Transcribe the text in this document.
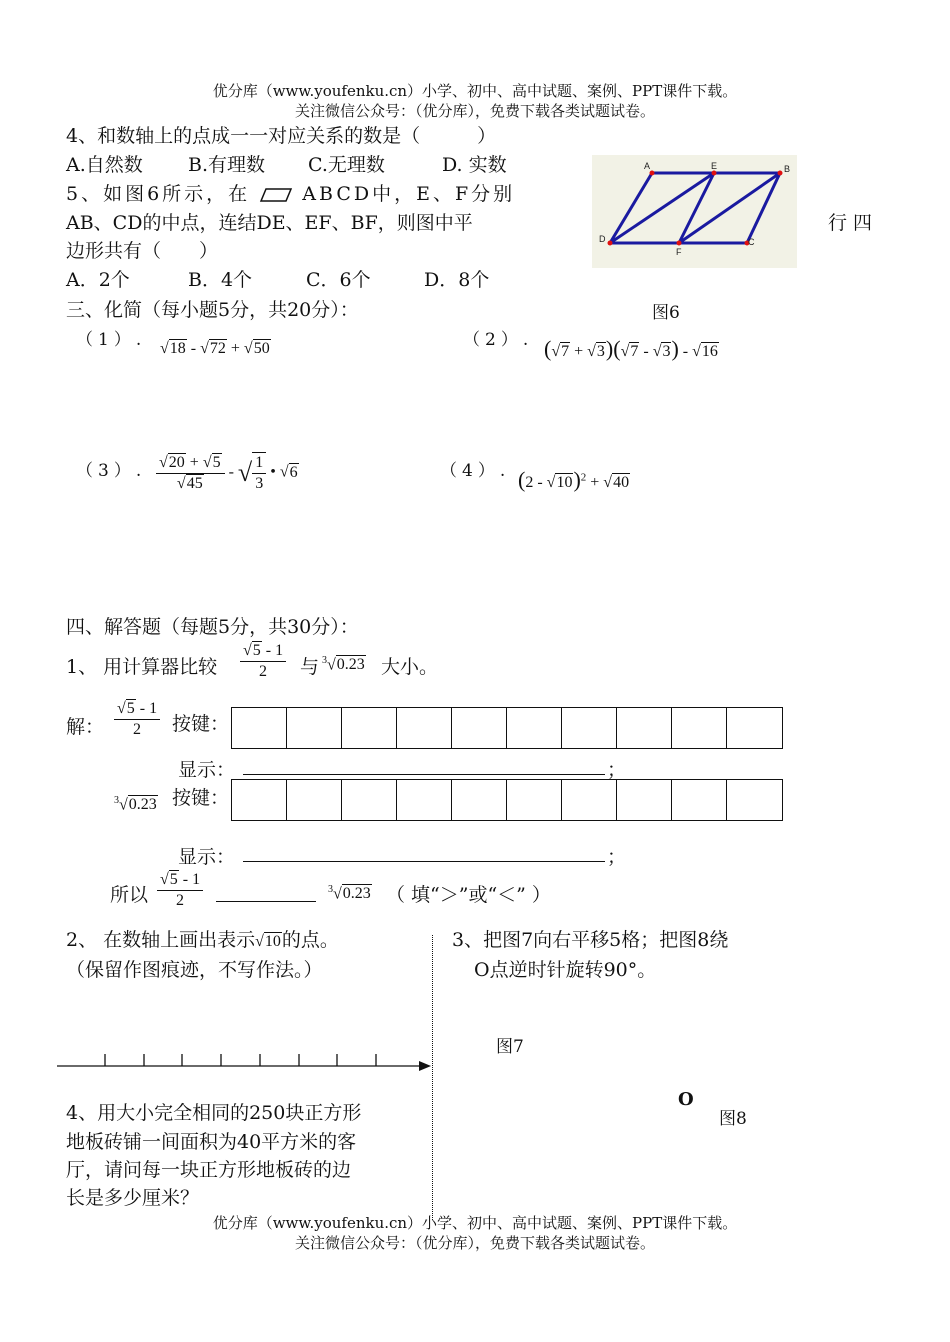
优分库（www.youfenku.cn）小学、初中、高中试题、案例、PPT课件下载。
关注微信公众号：（优分库），免费下载各类试题试卷。
4、和数轴上的点成一一对应关系的数是（　　　）
A.自然数 B.有理数 C.无理数	D. 实数
5、如图6所示，在	ABCD中，E、F分别
AB、CD的中点，连结DE、EF、BF，则图中平	行四
边形共有（　　）
A．2个	B．4个	C．6个	D．8个
A	E	B
D
F
C
图6
三、化简（每小题5分，共20分）：
（1）. √18 - √72 + √50	（2）. (√7 + √3)(√7 - √3) - √16
（3）. $\frac{√20 + √5}{√45}$ - √ $\frac{1}{3}$ • √6	（4）. (2 - √10)$^2$ + √40
四、解答题（每题5分，共30分）：
1、 用计算器比较 $\frac{√5 - 1}{2}$ 与 $^3$√0.23 大小。
解： $\frac{√5 - 1}{2}$ 按键：
显示：	；
$^3$√0.23 按键：
显示：	；
所以 $\frac{√5 - 1}{2}$	$^3$√0.23 （ 填“＞”或“＜” ）
2、 在数轴上画出表示√10的点。
（保留作图痕迹，不写作法。）
3、把图7向右平移5格；把图8绕
O点逆时针旋转90°。
图7
O
图8
4、用大小完全相同的250块正方形
地板砖铺一间面积为40平方米的客
厅，请问每一块正方形地板砖的边
长是多少厘米？
优分库（www.youfenku.cn）小学、初中、高中试题、案例、PPT课件下载。
关注微信公众号：（优分库），免费下载各类试题试卷。
